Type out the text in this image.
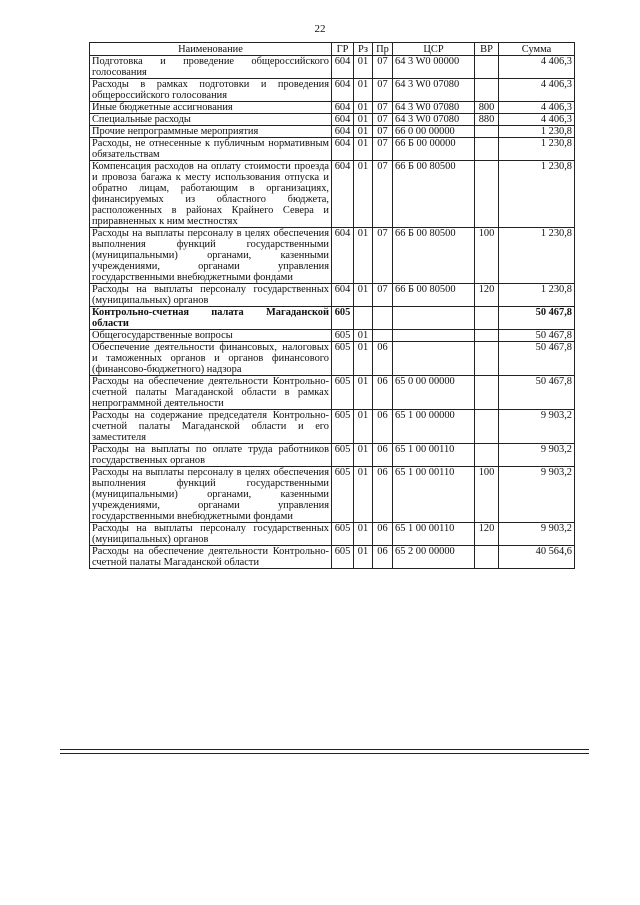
22
Наименование	ГР	Рз	Пр	ЦСР	ВР	Сумма
Подготовка и проведение общероссийского голосования	604	01	07	64 3 W0 00000		4 406,3
Расходы в рамках подготовки и проведения общероссийского голосования	604	01	07	64 3 W0 07080		4 406,3
Иные бюджетные ассигнования	604	01	07	64 3 W0 07080	800	4 406,3
Специальные расходы	604	01	07	64 3 W0 07080	880	4 406,3
Прочие непрограммные мероприятия	604	01	07	66 0 00 00000		1 230,8
Расходы, не отнесенные к публичным нормативным обязательствам	604	01	07	66 Б 00 00000		1 230,8
Компенсация расходов на оплату стоимости проезда и провоза багажа к месту использования отпуска и обратно лицам, работающим в организациях, финансируемых из областного бюджета, расположенных в районах Крайнего Севера и приравненных к ним местностях	604	01	07	66 Б 00 80500		1 230,8
Расходы на выплаты персоналу в целях обеспечения выполнения функций государственными (муниципальными) органами, казенными учреждениями, органами управления государственными внебюджетными фондами	604	01	07	66 Б 00 80500	100	1 230,8
Расходы на выплаты персоналу государственных (муниципальных) органов	604	01	07	66 Б 00 80500	120	1 230,8
Контрольно-счетная палата Магаданской области	605					50 467,8
Общегосударственные вопросы	605	01				50 467,8
Обеспечение деятельности финансовых, налоговых и таможенных органов и органов финансового (финансово-бюджетного) надзора	605	01	06			50 467,8
Расходы на обеспечение деятельности Контрольно-счетной палаты Магаданской области в рамках непрограммной деятельности	605	01	06	65 0 00 00000		50 467,8
Расходы на содержание председателя Контрольно-счетной палаты Магаданской области и его заместителя	605	01	06	65 1 00 00000		9 903,2
Расходы на выплаты по оплате труда работников государственных органов	605	01	06	65 1 00 00110		9 903,2
Расходы на выплаты персоналу в целях обеспечения выполнения функций государственными (муниципальными) органами, казенными учреждениями, органами управления государственными внебюджетными фондами	605	01	06	65 1 00 00110	100	9 903,2
Расходы на выплаты персоналу государственных (муниципальных) органов	605	01	06	65 1 00 00110	120	9 903,2
Расходы на обеспечение деятельности Контрольно-счетной палаты Магаданской области	605	01	06	65 2 00 00000		40 564,6
